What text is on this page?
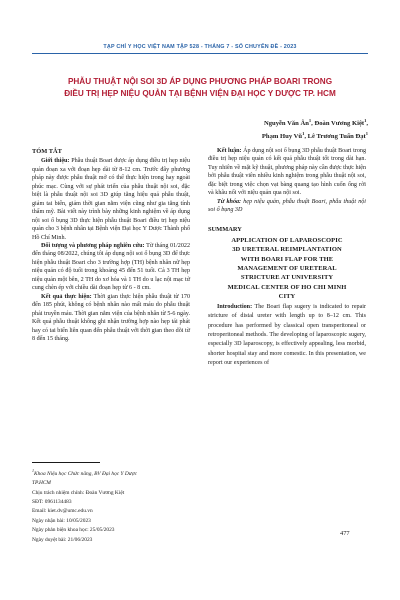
TẠP CHÍ Y HỌC VIỆT NAM TẬP 528 - THÁNG 7 - SỐ CHUYÊN ĐỀ - 2023
PHẪU THUẬT NỘI SOI 3D ÁP DỤNG PHƯƠNG PHÁP BOARI TRONG
ĐIỀU TRỊ HẸP NIỆU QUẢN TẠI BỆNH VIỆN ĐẠI HỌC Y DƯỢC TP. HCM
Nguyễn Văn $Ân^1$, Đoàn Vương Kiệt$^1$,
Phạm Huy $Vũ^1$, Lê Trương Tuấn Đạt$^1$
TÓM TẮT

Giới thiệu: Phẫu thuật Boari được áp dụng điều trị hẹp niệu quản đoạn xa với đoạn hẹp dài từ 8-12 cm. Trước đây phương pháp này được phẫu thuật mở có thể thực hiện trong hay ngoài phúc mạc. Cùng với sự phát triển của phẫu thuật nội soi, đặc biệt là phẫu thuật nội soi 3D giúp tăng hiệu quả phẫu thuật, giảm tai biến, giảm thời gian nằm viện cũng như gia tăng tính thẩm mỹ. Bài viết này trình bày những kinh nghiệm về áp dụng nội soi ổ bụng 3D thực hiện phẫu thuật Boari điều trị hẹp niệu quản cho 3 bệnh nhân tại Bệnh viện Đại học Y Dược Thành phố Hồ Chí Minh.

Đối tượng và phương pháp nghiên cứu: Từ tháng 01/2022 đến tháng 08/2022, chúng tôi áp dụng nội soi ổ bụng 3D để thực hiện phẫu thuật Boari cho 3 trường hợp (TH) bệnh nhân nữ hẹp niệu quản có độ tuổi trong khoảng 45 đến 51 tuổi. Cả 3 TH hẹp niệu quản một bên, 2 TH do xơ hóa và 1 TH do u lạc nội mạc tử cung chèn ép với chiều dài đoạn hẹp từ 6 - 8 cm.

Kết quả thực hiện: Thời gian thực hiện phẫu thuật từ 170 đến 185 phút, không có bệnh nhân nào mất máu do phẫu thuật phải truyền máu. Thời gian nằm viện của bệnh nhân từ 5-6 ngày. Kết quả phẫu thuật không ghi nhận trường hợp nào hẹp tái phát hay có tai biến liên quan đến phẫu thuật với thời gian theo dõi từ 8 đến 15 tháng.

Kết luận: Áp dụng nội soi ổ bụng 3D phẫu thuật Boari trong điều trị hẹp niệu quản có kết quả phẫu thuật tốt trong dài hạn. Tuy nhiên về mặt kỹ thuật, phương pháp này cần được thực hiện bởi phẫu thuật viên nhiều kinh nghiệm trong phẫu thuật nội soi, đặc biệt trong việc chọn vạt bàng quang tạo hình cuốn ống rời và khâu nối với niệu quản qua nội soi.

Từ khóa: hẹp niệu quản, phẫu thuật Boari, phẫu thuật nội soi ổ bụng 3D

SUMMARY
APPLICATION OF LAPAROSCOPIC
3D URETERAL REIMPLANTATION
WITH BOARI FLAP FOR THE
MANAGEMENT OF URETERAL
STRICTURE AT UNIVERSITY
MEDICAL CENTER OF HO CHI MINH
CITY

Introduction: The Boari flap sugery is indicated to repair stricture of distal ureter with length up to 8–12 cm. This procedure has performed by classical open transperitoneal or retroperitoneal methods. The developing of laparoscopic sugery, especially 3D laparoscopy, is effectively appealing, less morbid, shorter hospital stay and more comestic. In this presentation, we report our experiences of

$^1$Khoa Niệu học Chức năng, BV Đại học Y Dược
TP.HCM
Chịu trách nhiệm chính: Đoàn Vương Kiệt
SĐT: 0961134483
Email: kiet.dv@umc.edu.vn
Ngày nhận bài: 10/05/2023
Ngày phản biện khoa học: 25/05/2023
Ngày duyệt bài: 21/06/2023
477
